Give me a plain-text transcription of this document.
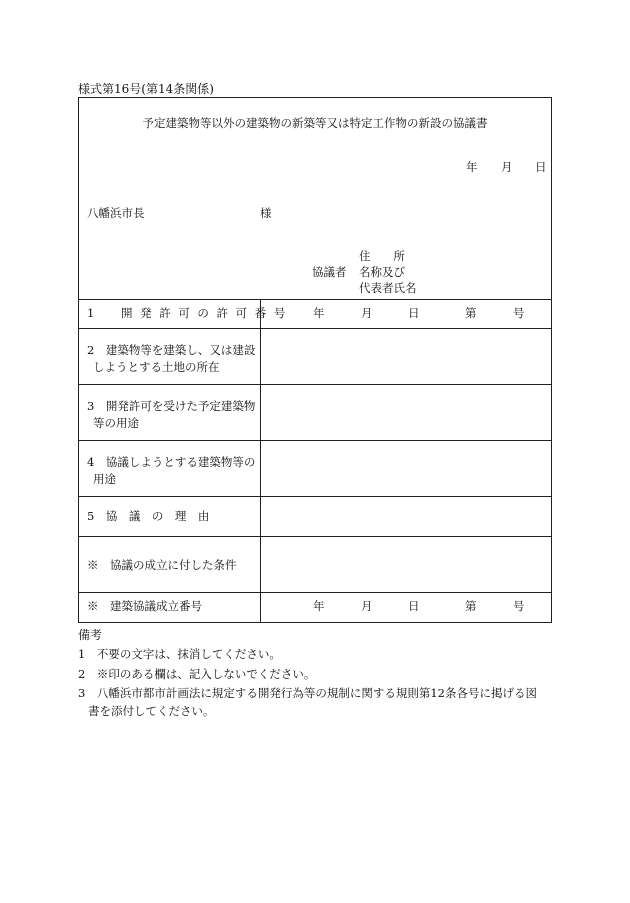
様式第16号(第14条関係)
予定建築物等以外の建築物の新築等又は特定工作物の新設の協議書
年 月 日
八幡浜市長	様
協議者
住　　所
名称及び
代表者氏名
1　開発許可の許可番号 年	月	日	第	号
2　建築物等を建築し、又は建設
しようとする土地の所在
3　開発許可を受けた予定建築物
等の用途
4　協議しようとする建築物等の
用途
5　協　議　の　理　由
※　協議の成立に付した条件
※　建築協議成立番号	年	月	日	第	号
備考
1　不要の文字は、抹消してください。
2　※印のある欄は、記入しないでください。
3　八幡浜市都市計画法に規定する開発行為等の規制に関する規則第12条各号に掲げる図
書を添付してください。
